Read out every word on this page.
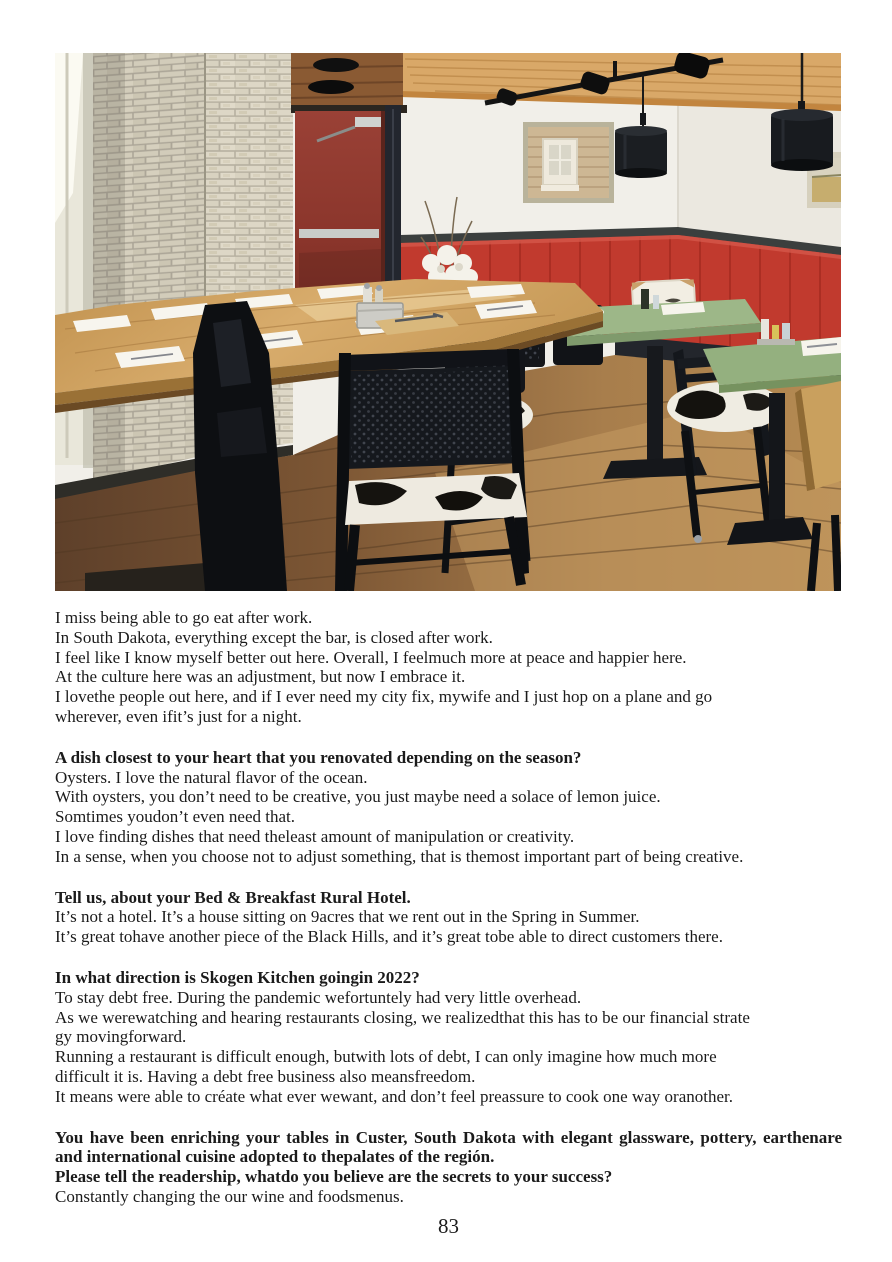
I miss being able to go eat after work.
In South Dakota, everything except the bar, is closed after work.
I feel like I know myself better out here. Overall, I feelmuch more at peace and happier here.
At the culture here was an adjustment, but now I embrace it.
I lovethe people out here, and if I ever need my city fix, mywife and I just hop on a plane and go
wherever, even ifit’s just for a night.
A dish closest to your heart that you renovated depending on the season?
Oysters. I love the natural flavor of the ocean.
With oysters, you don’t need to be creative, you just maybe need a solace of lemon juice.
Somtimes youdon’t even need that.
I love finding dishes that need theleast amount of manipulation or creativity.
In a sense, when you choose not to adjust something, that is themost important part of being creative.
Tell us, about your Bed & Breakfast Rural Hotel.
It’s not a hotel. It’s a house sitting on 9acres that we rent out in the Spring in Summer.
It’s great tohave another piece of the Black Hills, and it’s great tobe able to direct customers there.
In what direction is Skogen Kitchen goingin 2022?
To stay debt free. During the pandemic wefortuntely had very little overhead.
As we werewatching and hearing restaurants closing, we realizedthat this has to be our financial strate
gy movingforward.
Running a restaurant is difficult enough, butwith lots of debt, I can only imagine how much more
difficult it is. Having a debt free business also meansfreedom.
It means were able to créate what ever wewant, and don’t feel preassure to cook one way oranother.
You have been enriching your tables in Custer, South Dakota with elegant glassware, pottery, earthenare and international cuisine adopted to thepalates of the región.
Please tell the readership, whatdo you believe are the secrets to your success?
Constantly changing the our wine and foodsmenus.
83
